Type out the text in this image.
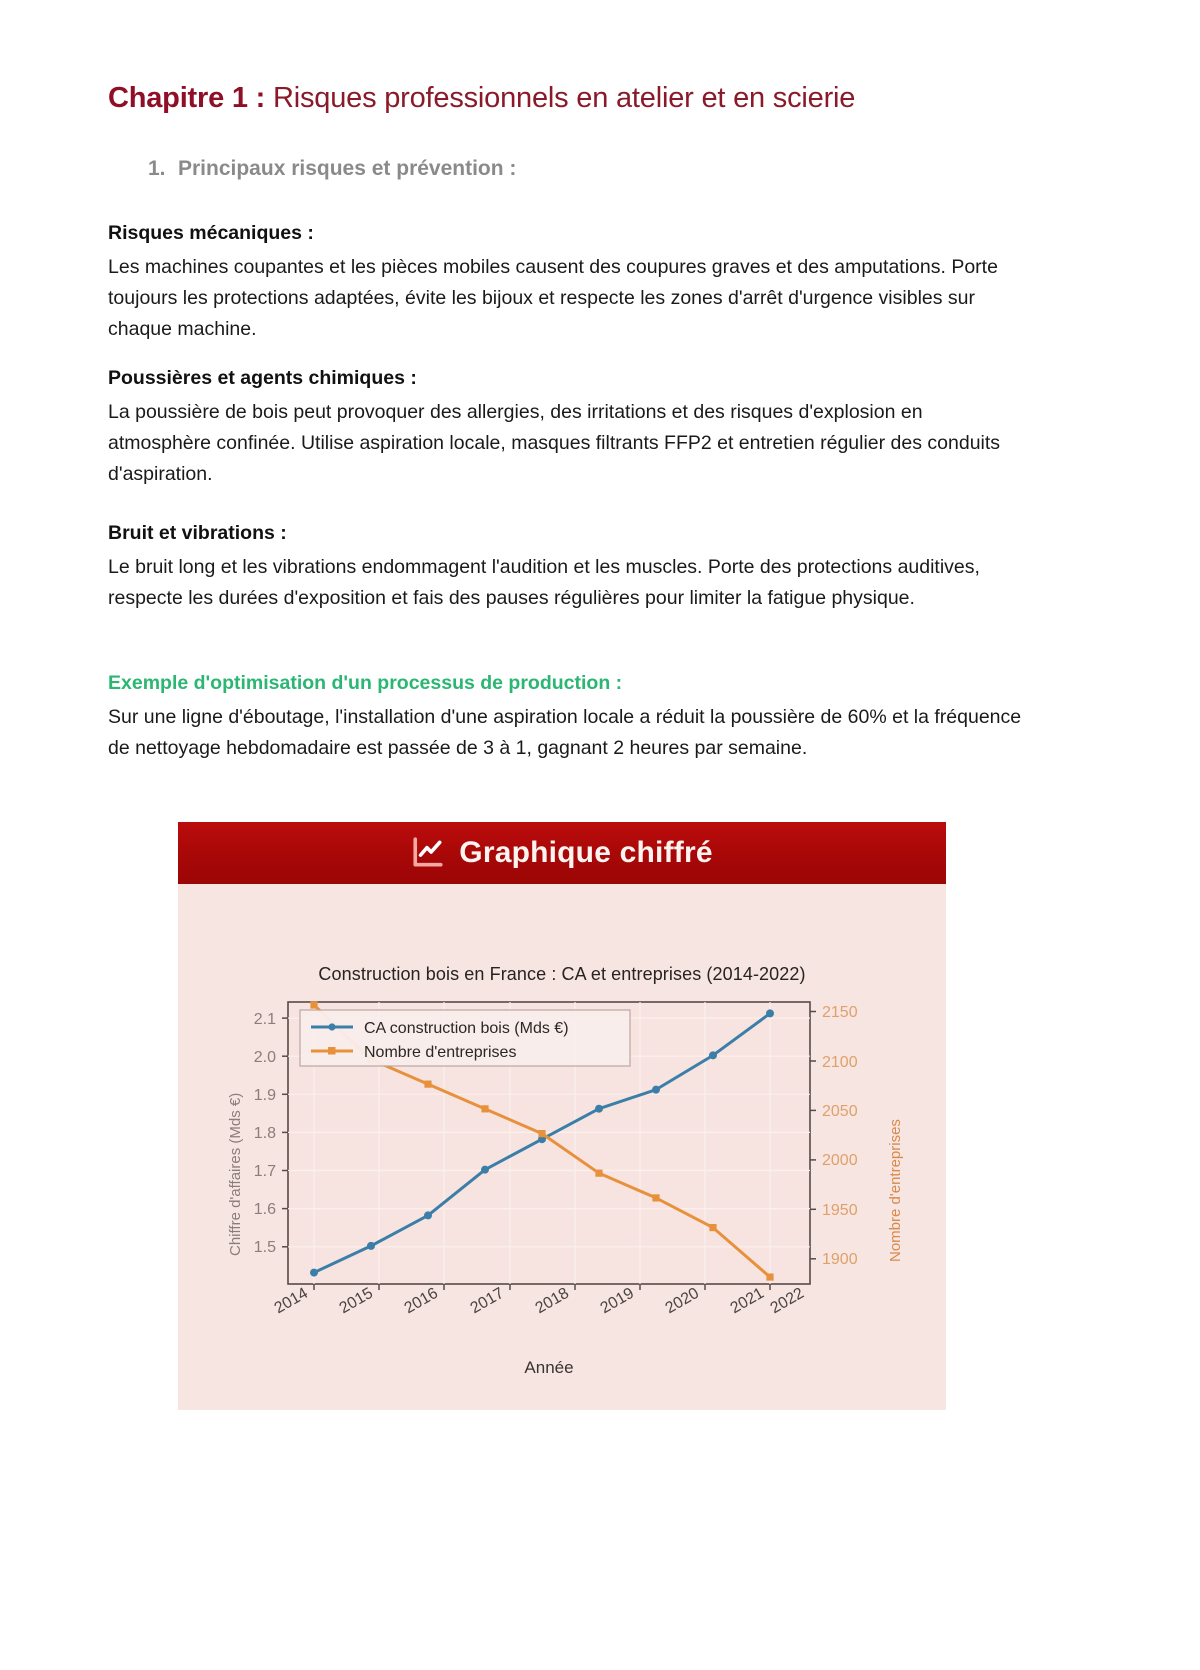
Chapitre 1 : Risques professionnels en atelier et en scierie
1. Principaux risques et prévention :

Risques mécaniques :

Les machines coupantes et les pièces mobiles causent des coupures graves et des amputations. Porte toujours les protections adaptées, évite les bijoux et respecte les zones d'arrêt d'urgence visibles sur chaque machine.

Poussières et agents chimiques :

La poussière de bois peut provoquer des allergies, des irritations et des risques d'explosion en atmosphère confinée. Utilise aspiration locale, masques filtrants FFP2 et entretien régulier des conduits d'aspiration.

Bruit et vibrations :

Le bruit long et les vibrations endommagent l'audition et les muscles. Porte des protections auditives, respecte les durées d'exposition et fais des pauses régulières pour limiter la fatigue physique.

Exemple d'optimisation d'un processus de production :

Sur une ligne d'éboutage, l'installation d'une aspiration locale a réduit la poussière de 60% et la fréquence de nettoyage hebdomadaire est passée de 3 à 1, gagnant 2 heures par semaine.

Graphique chiffré
Construction bois en France : CA et entreprises (2014-2022)
1.5
1.6
1.7
1.8
1.9
2.0
2.1
1900
1950
2000
2050
2100
2150
Chiffre d'affaires (Mds €)	Nombre d'entreprises
Année
2014 2015 2016 2017 2018 2019 2020 2021 2022
CA construction bois (Mds €)
Nombre d'entreprises
